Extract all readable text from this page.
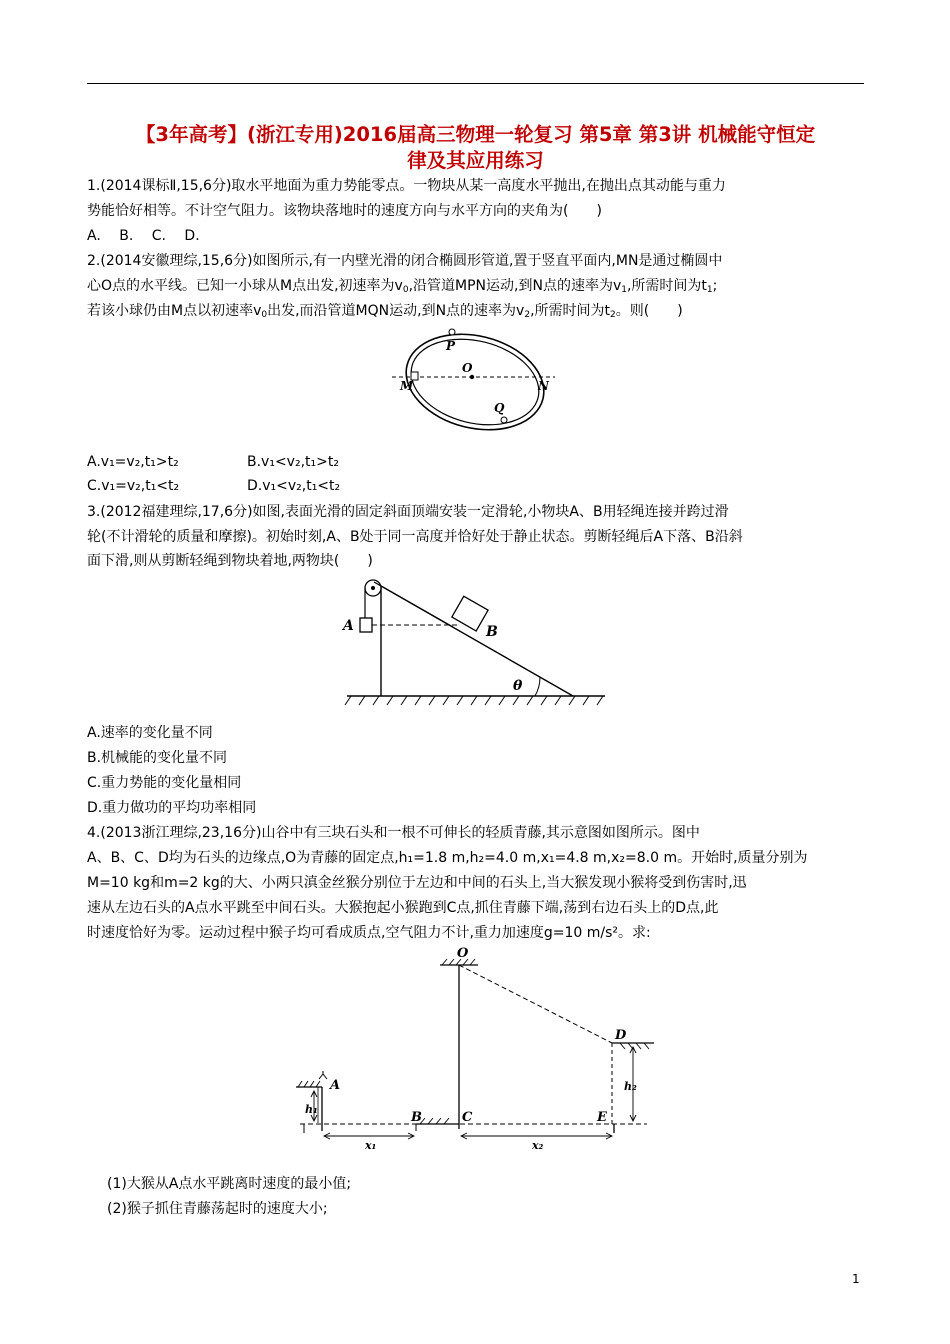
【3年高考】(浙江专用)2016届高三物理一轮复习 第5章 第3讲 机械能守恒定
律及其应用练习
1.(2014课标Ⅱ,15,6分)取水平地面为重力势能零点。一物块从某一高度水平抛出,在抛出点其动能与重力
势能恰好相等。不计空气阻力。该物块落地时的速度方向与水平方向的夹角为(　　)
A.　 B.　 C.　 D.
2.(2014安徽理综,15,6分)如图所示,有一内壁光滑的闭合椭圆形管道,置于竖直平面内,MN是通过椭圆中
心O点的水平线。已知一小球从M点出发,初速率为$v_0$,沿管道MPN运动,到N点的速率为$v_1$,所需时间为$t_1$;
若该小球仍由M点以初速率$v_0$出发,而沿管道MQN运动,到N点的速率为$v_2$,所需时间为$t_2$。则(　　)
P
O
M	N
Q
A.v₁=v₂,t₁>t₂	B.v₁<v₂,t₁>t₂
C.v₁=v₂,t₁<t₂	D.v₁<v₂,t₁<t₂
3.(2012福建理综,17,6分)如图,表面光滑的固定斜面顶端安装一定滑轮,小物块A、B用轻绳连接并跨过滑
轮(不计滑轮的质量和摩擦)。初始时刻,A、B处于同一高度并恰好处于静止状态。剪断轻绳后A下落、B沿斜
面下滑,则从剪断轻绳到物块着地,两物块(　　)
A	B
θ
A.速率的变化量不同
B.机械能的变化量不同
C.重力势能的变化量相同
D.重力做功的平均功率相同
4.(2013浙江理综,23,16分)山谷中有三块石头和一根不可伸长的轻质青藤,其示意图如图所示。图中
A、B、C、D均为石头的边缘点,O为青藤的固定点,h₁=1.8 m,h₂=4.0 m,x₁=4.8 m,x₂=8.0 m。开始时,质量分别为
M=10 kg和m=2 kg的大、小两只滇金丝猴分别位于左边和中间的石头上,当大猴发现小猴将受到伤害时,迅
速从左边石头的A点水平跳至中间石头。大猴抱起小猴跑到C点,抓住青藤下端,荡到右边石头上的D点,此
时速度恰好为零。运动过程中猴子均可看成质点,空气阻力不计,重力加速度g=10 m/s²。求:
O
A
B	C
D
E
h₁
h₂
x₁	x₂
(1)大猴从A点水平跳离时速度的最小值;
(2)猴子抓住青藤荡起时的速度大小;
1
